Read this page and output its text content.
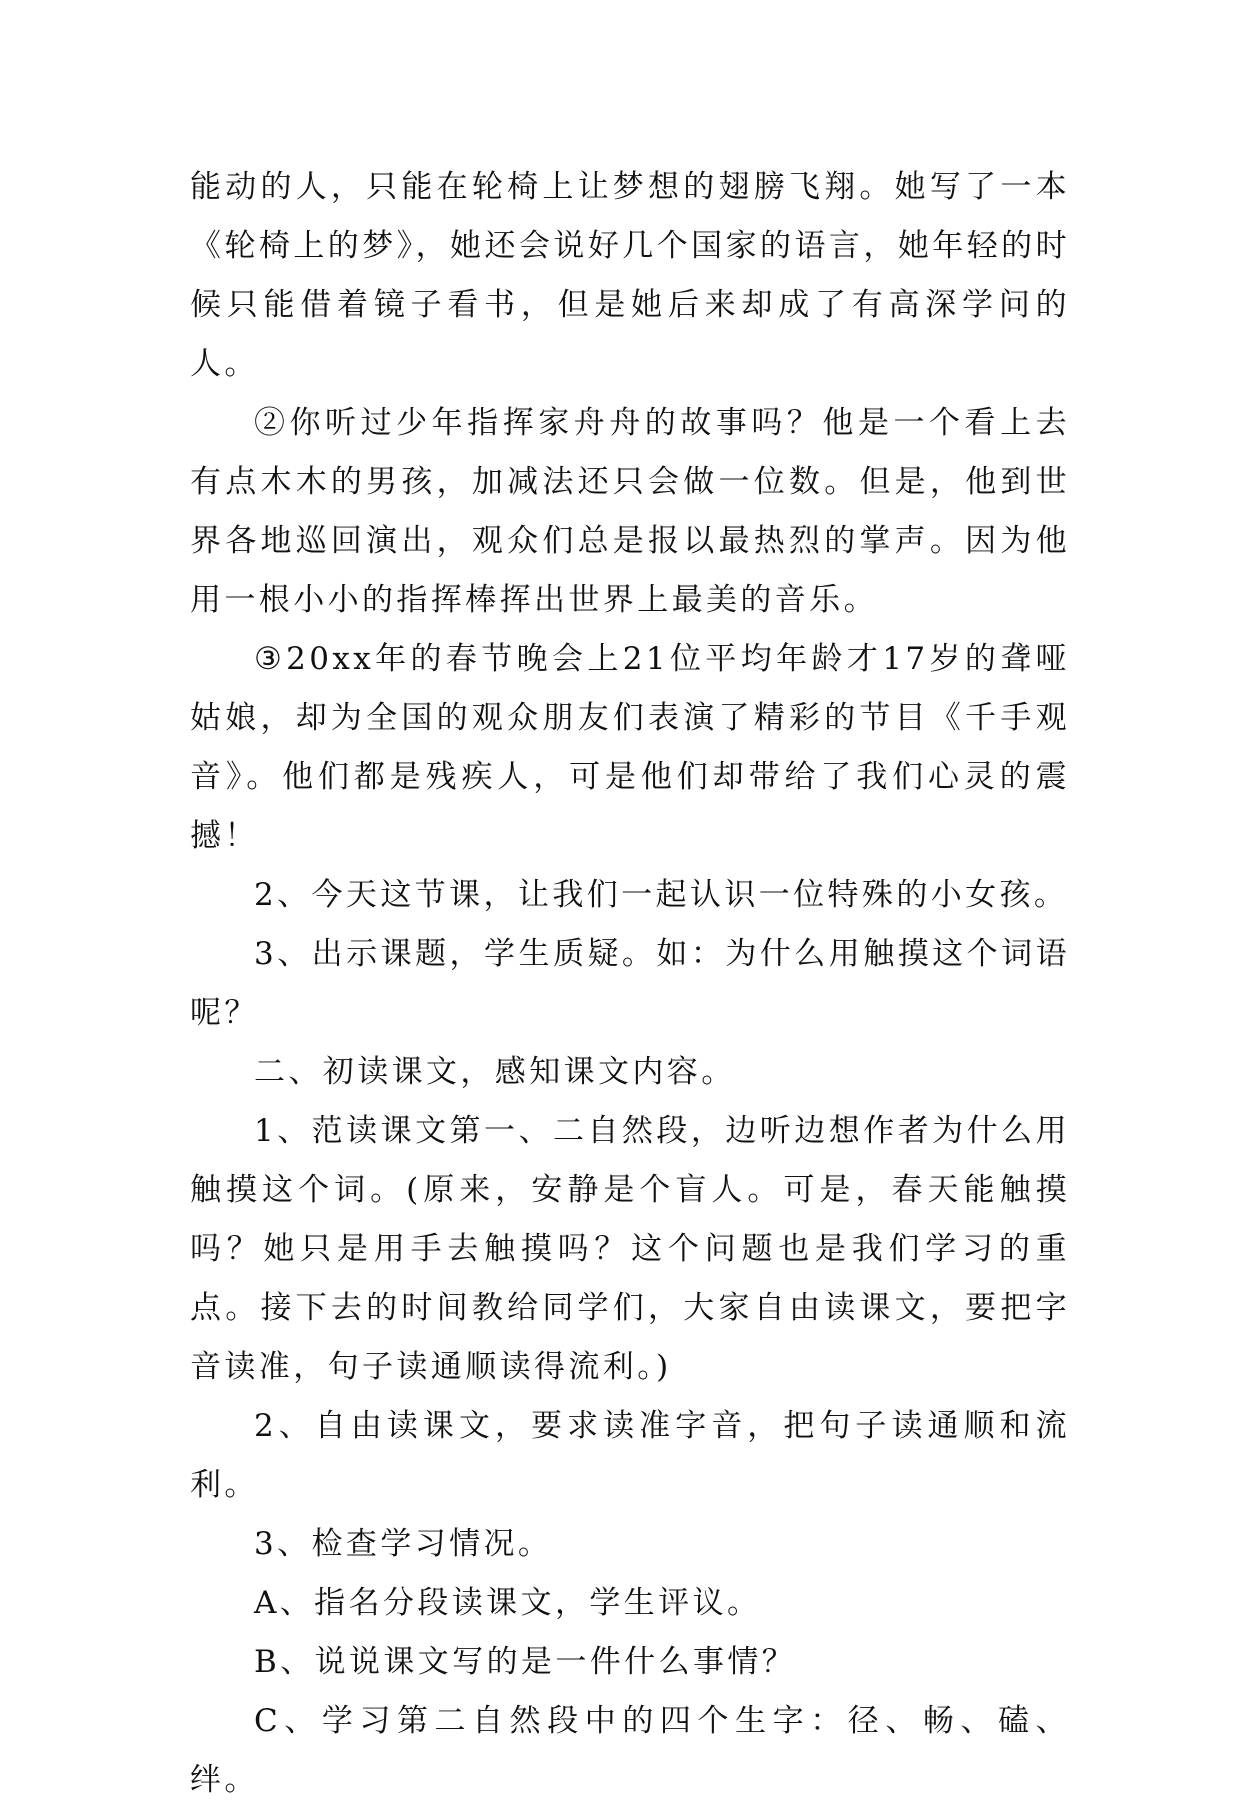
能动的人，只能在轮椅上让梦想的翅膀飞翔。她写了一本《轮椅上的梦》，她还会说好几个国家的语言，她年轻的时候只能借着镜子看书，但是她后来却成了有高深学问的人。

②你听过少年指挥家舟舟的故事吗？他是一个看上去有点木木的男孩，加减法还只会做一位数。但是，他到世界各地巡回演出，观众们总是报以最热烈的掌声。因为他用一根小小的指挥棒挥出世界上最美的音乐。

③20xx年的春节晚会上21位平均年龄才17岁的聋哑姑娘，却为全国的观众朋友们表演了精彩的节目《千手观音》。他们都是残疾人，可是他们却带给了我们心灵的震撼！

2、今天这节课，让我们一起认识一位特殊的小女孩。

3、出示课题，学生质疑。如：为什么用触摸这个词语呢？

二、初读课文，感知课文内容。

1、范读课文第一、二自然段，边听边想作者为什么用触摸这个词。(原来，安静是个盲人。可是，春天能触摸吗？她只是用手去触摸吗？这个问题也是我们学习的重点。接下去的时间教给同学们，大家自由读课文，要把字音读准，句子读通顺读得流利。)

2、自由读课文，要求读准字音，把句子读通顺和流利。

3、检查学习情况。

A、指名分段读课文，学生评议。

B、说说课文写的是一件什么事情？

C、学习第二自然段中的四个生字：径、畅、磕、绊。
